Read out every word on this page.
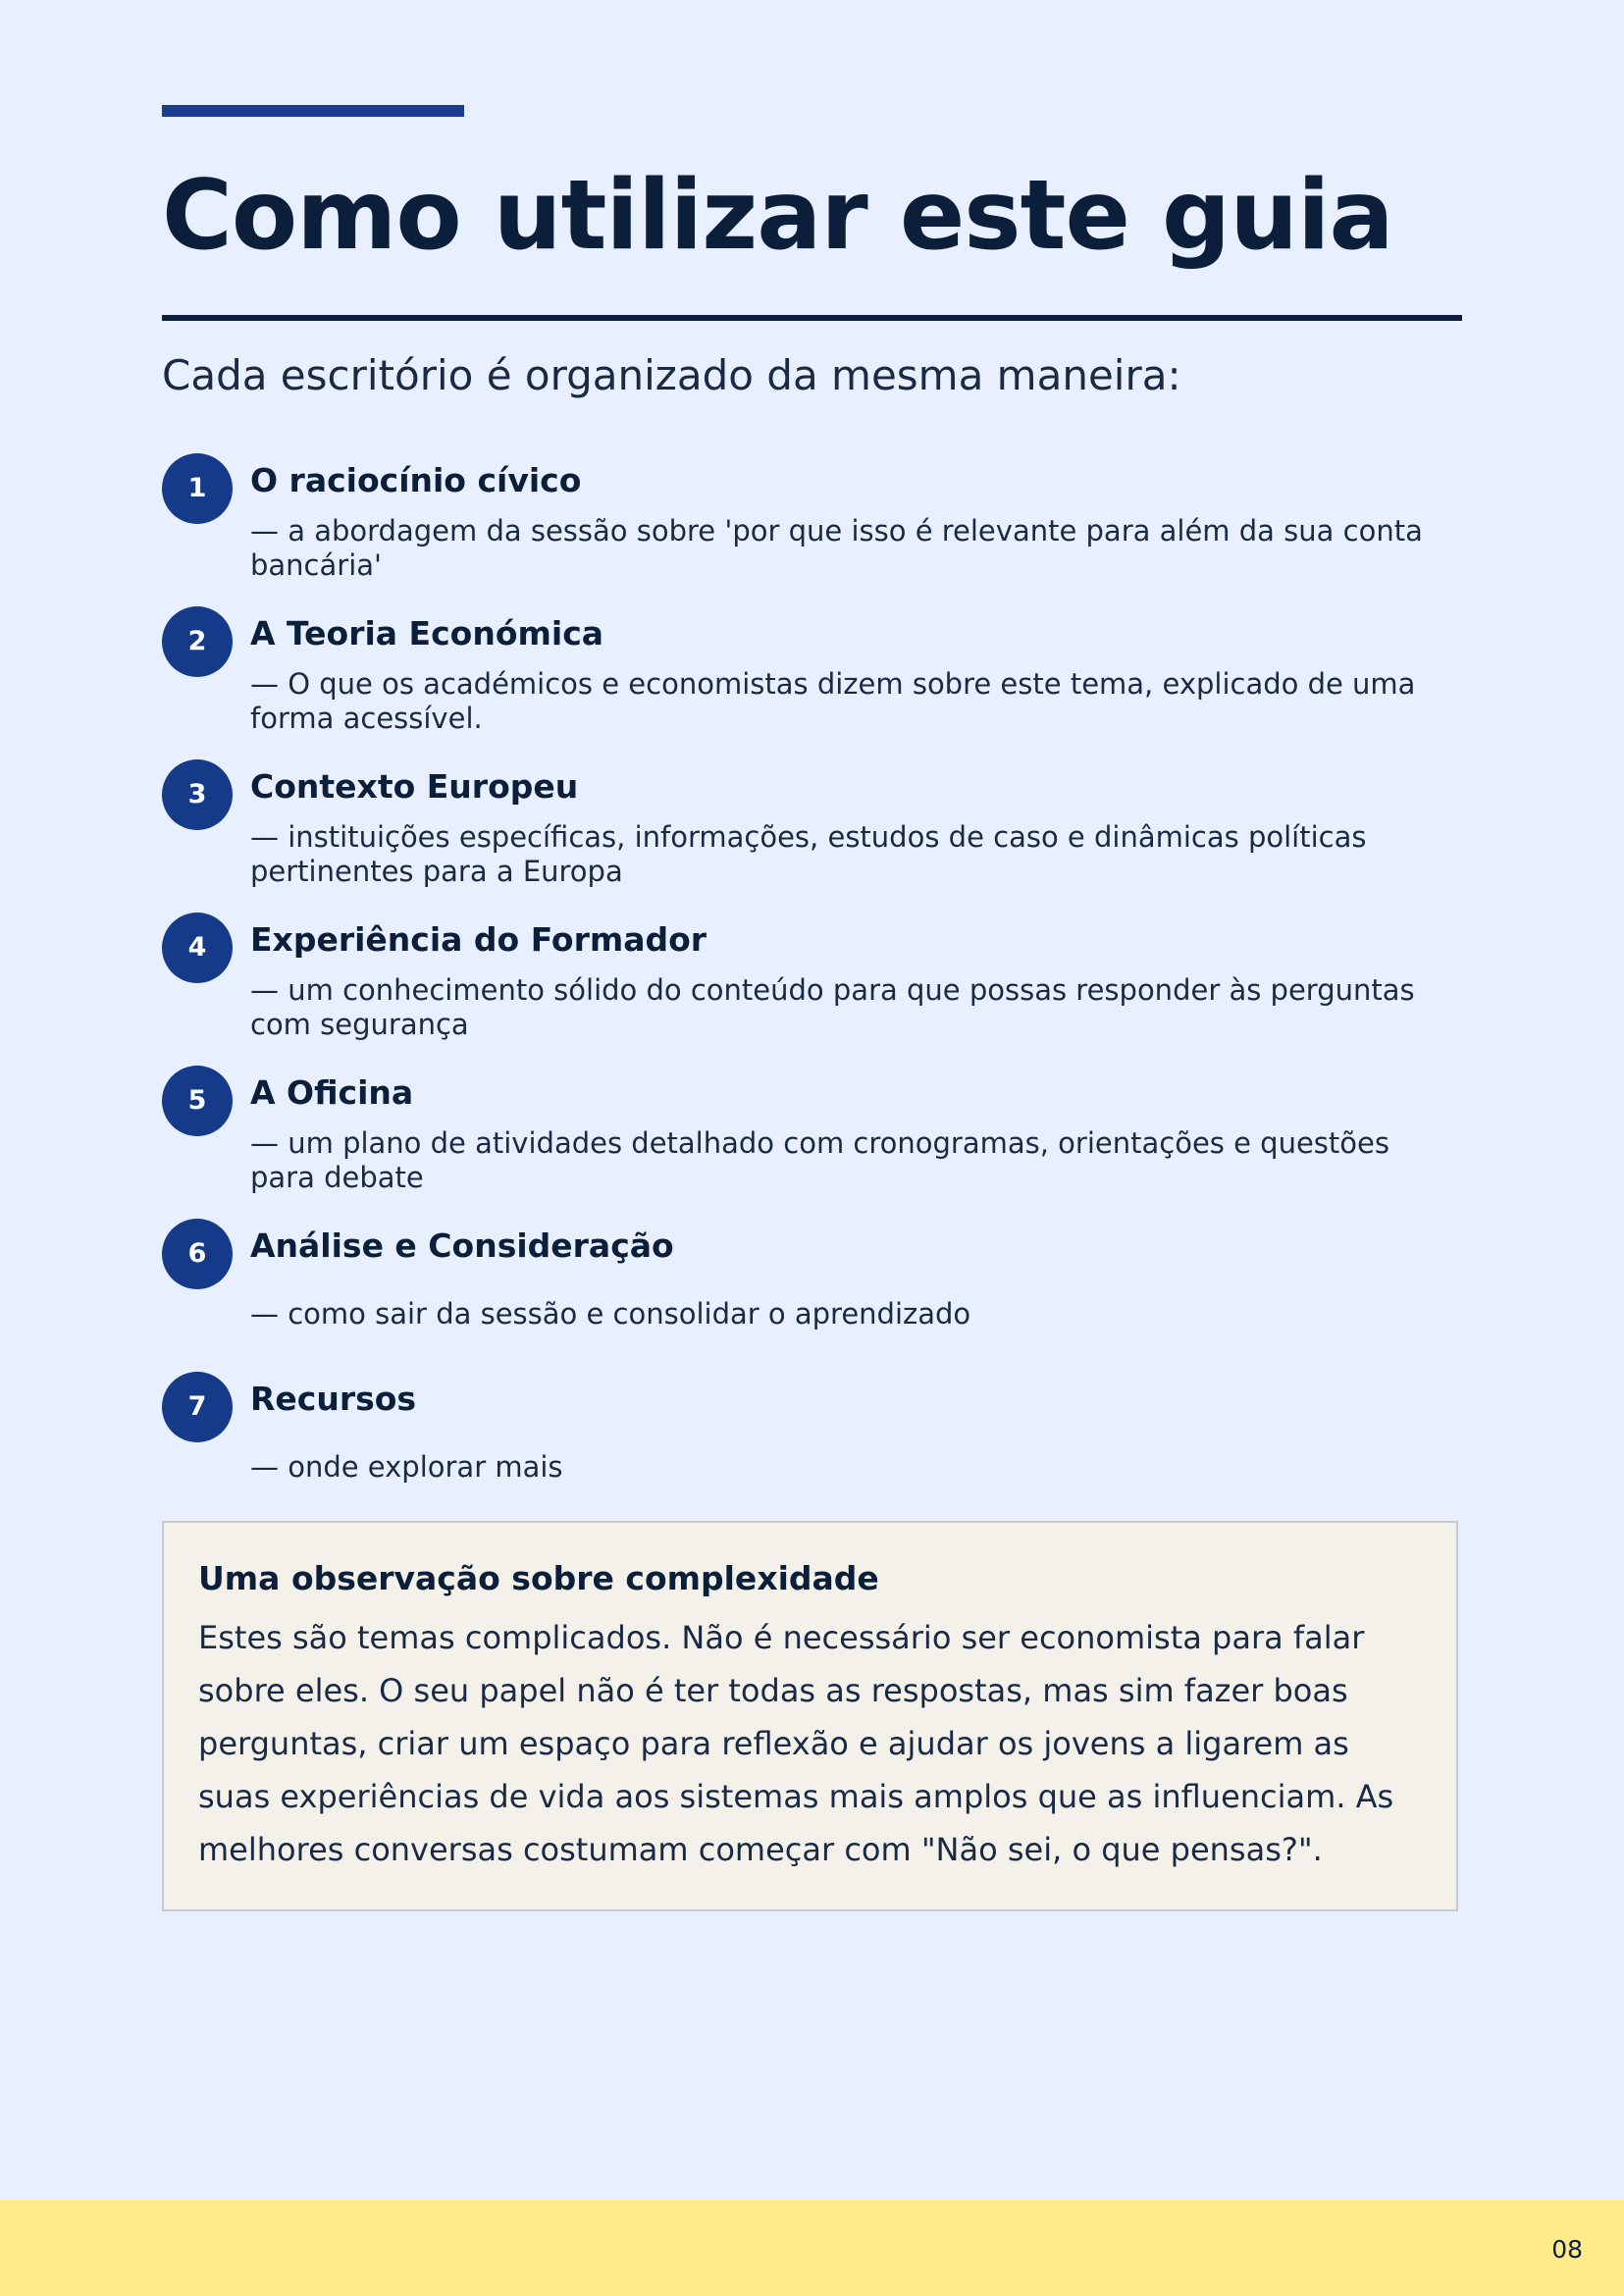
Como utilizar este guia

Cada escritório é organizado da mesma maneira:

1	O raciocínio cívico
— a abordagem da sessão sobre 'por que isso é relevante para além da sua conta bancária'
2	A Teoria Económica
— O que os académicos e economistas dizem sobre este tema, explicado de uma forma acessível.
3	Contexto Europeu
— instituições específicas, informações, estudos de caso e dinâmicas políticas pertinentes para a Europa
4	Experiência do Formador
— um conhecimento sólido do conteúdo para que possas responder às perguntas com segurança
5	A Oficina
— um plano de atividades detalhado com cronogramas, orientações e questões para debate
6	Análise e Consideração
— como sair da sessão e consolidar o aprendizado
7	Recursos
— onde explorar mais
Uma observação sobre complexidade

Estes são temas complicados. Não é necessário ser economista para falar sobre eles. O seu papel não é ter todas as respostas, mas sim fazer boas perguntas, criar um espaço para reflexão e ajudar os jovens a ligarem as suas experiências de vida aos sistemas mais amplos que as influenciam. As melhores conversas costumam começar com "Não sei, o que pensas?".

08
